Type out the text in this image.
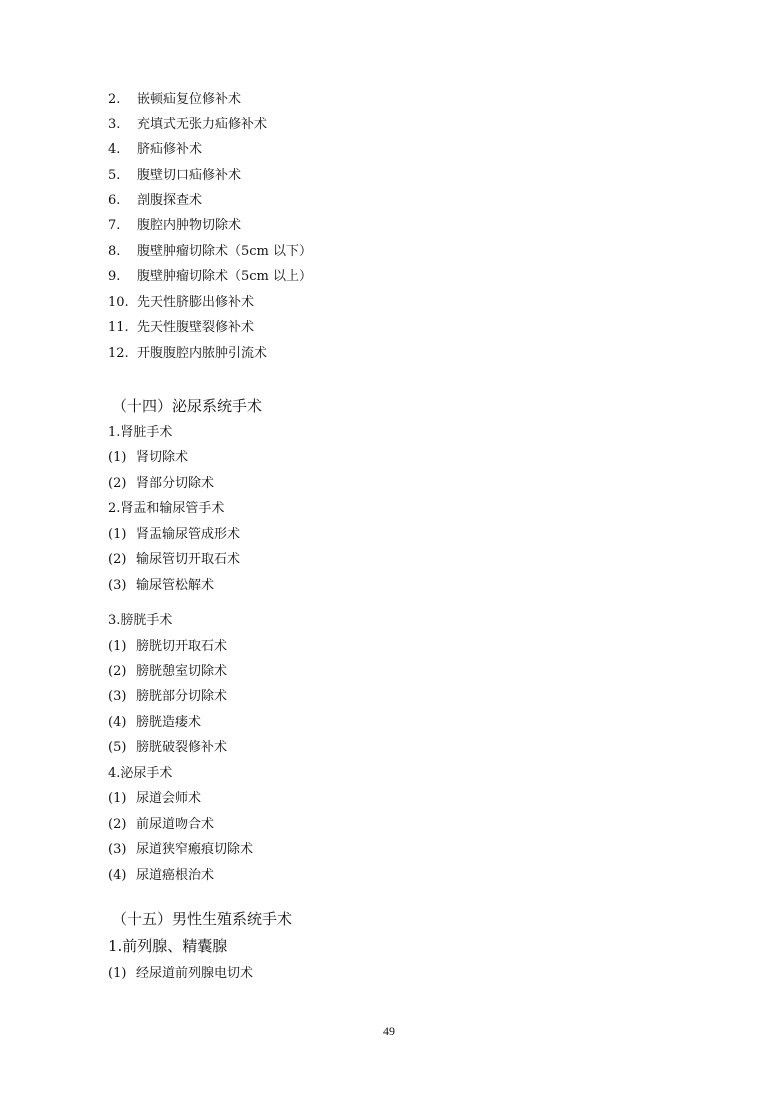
2. 嵌顿疝复位修补术
3. 充填式无张力疝修补术
4. 脐疝修补术
5. 腹壁切口疝修补术
6. 剖腹探查术
7. 腹腔内肿物切除术
8. 腹壁肿瘤切除术（5cm 以下）
9. 腹壁肿瘤切除术（5cm 以上）
10. 先天性脐膨出修补术
11. 先天性腹壁裂修补术
12. 开腹腹腔内脓肿引流术
（十四）泌尿系统手术
1.肾脏手术
(1) 肾切除术
(2) 肾部分切除术
2.肾盂和输尿管手术
(1) 肾盂输尿管成形术
(2) 输尿管切开取石术
(3) 输尿管松解术
3.膀胱手术
(1) 膀胱切开取石术
(2) 膀胱憩室切除术
(3) 膀胱部分切除术
(4) 膀胱造瘘术
(5) 膀胱破裂修补术
4.泌尿手术
(1) 尿道会师术
(2) 前尿道吻合术
(3) 尿道狭窄瘢痕切除术
(4) 尿道癌根治术
（十五）男性生殖系统手术
1.前列腺、精囊腺
(1) 经尿道前列腺电切术
49
